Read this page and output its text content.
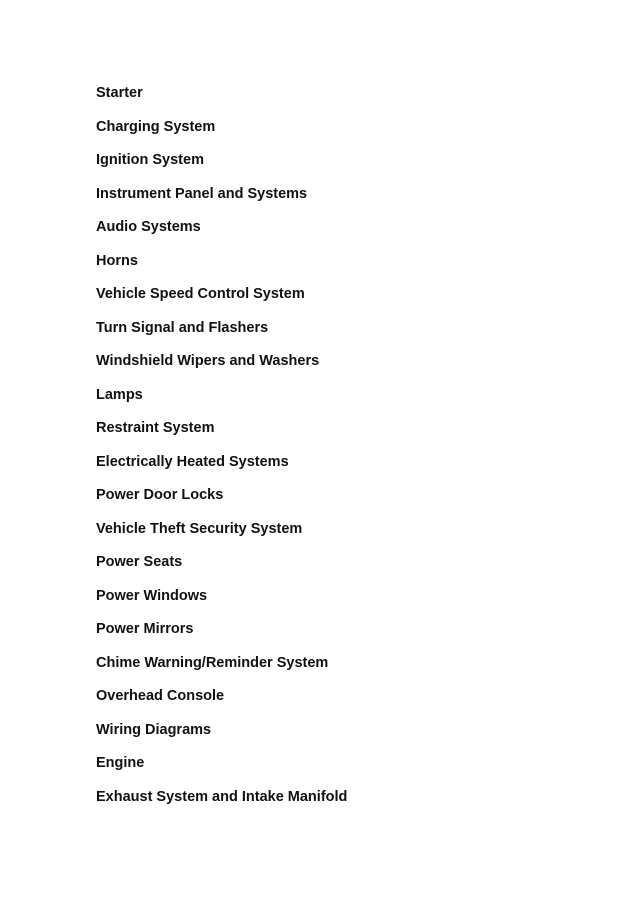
Starter
Charging System
Ignition System
Instrument Panel and Systems
Audio Systems
Horns
Vehicle Speed Control System
Turn Signal and Flashers
Windshield Wipers and Washers
Lamps
Restraint System
Electrically Heated Systems
Power Door Locks
Vehicle Theft Security System
Power Seats
Power Windows
Power Mirrors
Chime Warning/Reminder System
Overhead Console
Wiring Diagrams
Engine
Exhaust System and Intake Manifold
